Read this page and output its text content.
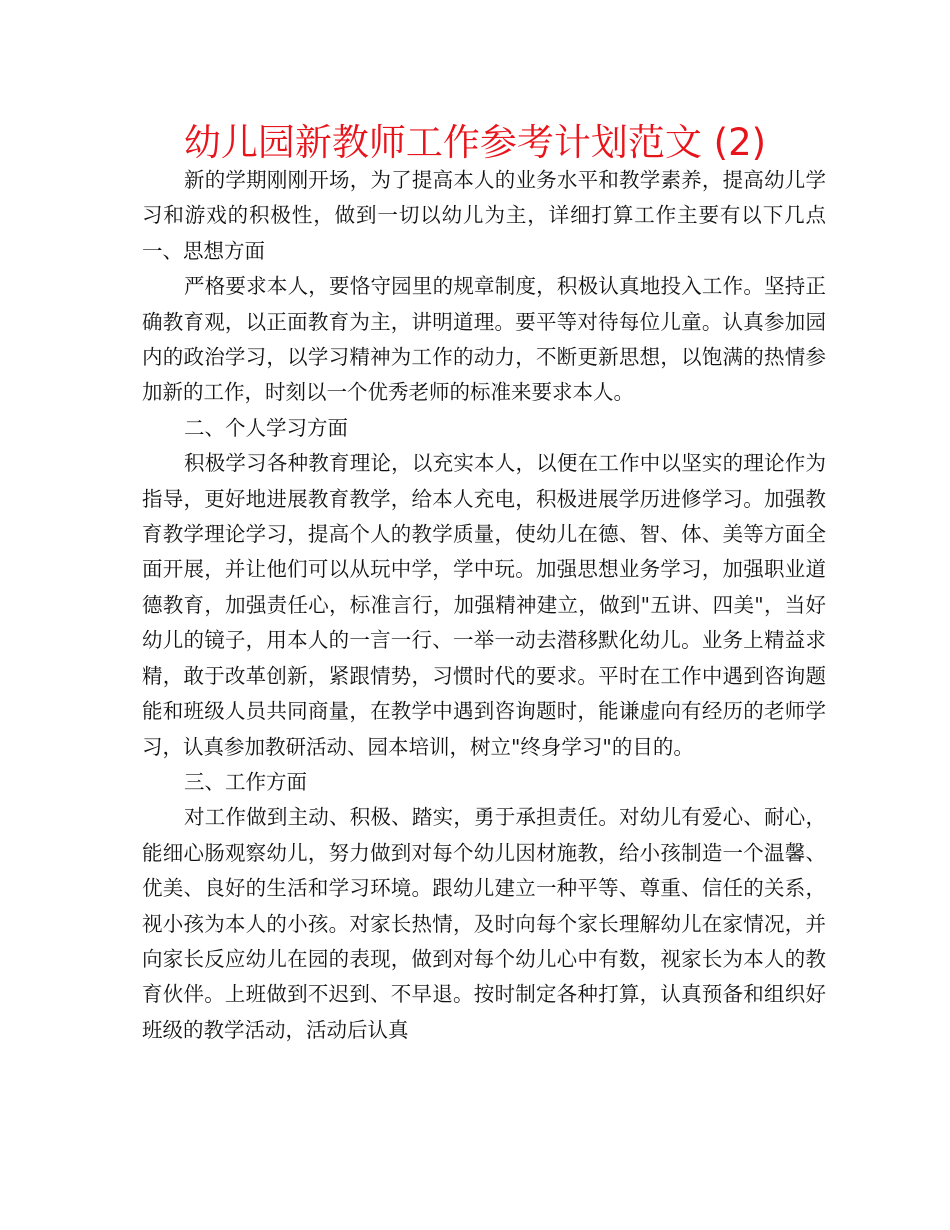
幼儿园新教师工作参考计划范文 (2)

新的学期刚刚开场，为了提高本人的业务水平和教学素养，提高幼儿学习和游戏的积极性，做到一切以幼儿为主，详细打算工作主要有以下几点　　一、思想方面

严格要求本人，要恪守园里的规章制度，积极认真地投入工作。坚持正确教育观，以正面教育为主，讲明道理。要平等对待每位儿童。认真参加园内的政治学习，以学习精神为工作的动力，不断更新思想，以饱满的热情参加新的工作，时刻以一个优秀老师的标准来要求本人。

二、个人学习方面

积极学习各种教育理论，以充实本人，以便在工作中以坚实的理论作为指导，更好地进展教育教学，给本人充电，积极进展学历进修学习。加强教育教学理论学习，提高个人的教学质量，使幼儿在德、智、体、美等方面全面开展，并让他们可以从玩中学，学中玩。加强思想业务学习，加强职业道德教育，加强责任心，标准言行，加强精神建立，做到"五讲、四美"，当好幼儿的镜子，用本人的一言一行、一举一动去潜移默化幼儿。业务上精益求精，敢于改革创新，紧跟情势，习惯时代的要求。平时在工作中遇到咨询题能和班级人员共同商量，在教学中遇到咨询题时，能谦虚向有经历的老师学习，认真参加教研活动、园本培训，树立"终身学习"的目的。

三、工作方面

对工作做到主动、积极、踏实，勇于承担责任。对幼儿有爱心、耐心，能细心肠观察幼儿，努力做到对每个幼儿因材施教，给小孩制造一个温馨、优美、良好的生活和学习环境。跟幼儿建立一种平等、尊重、信任的关系，视小孩为本人的小孩。对家长热情，及时向每个家长理解幼儿在家情况，并向家长反应幼儿在园的表现，做到对每个幼儿心中有数，视家长为本人的教育伙伴。上班做到不迟到、不早退。按时制定各种打算，认真预备和组织好班级的教学活动，活动后认真
